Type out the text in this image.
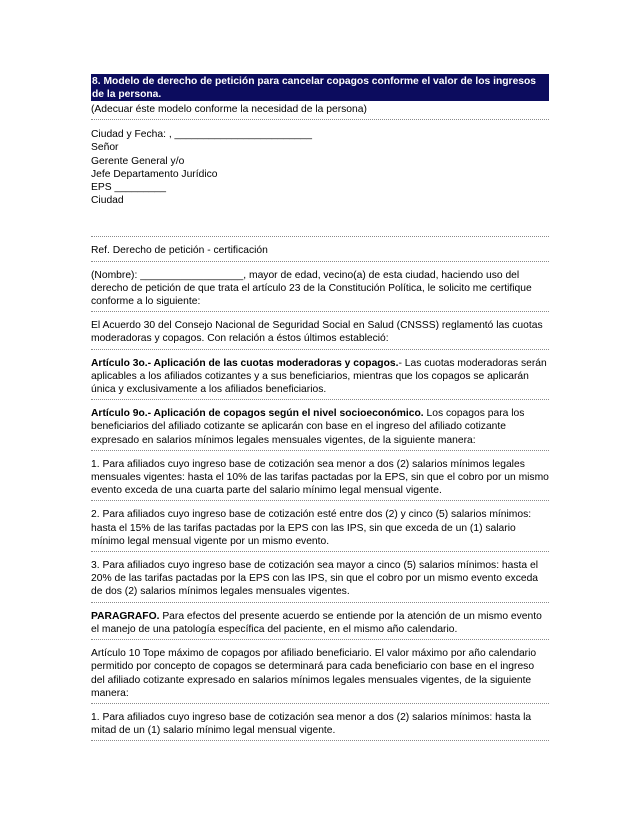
8. Modelo de derecho de petición para cancelar copagos conforme el valor de los ingresos de la persona.
(Adecuar éste modelo conforme la necesidad de la persona)
Ciudad y Fecha: , ________________________
Señor
Gerente General y/o
Jefe Departamento Jurídico
EPS _________
Ciudad
Ref. Derecho de petición - certificación
(Nombre): __________________, mayor de edad, vecino(a) de esta ciudad, haciendo uso del derecho de petición de que trata el artículo 23 de la Constitución Política, le solicito me certifique conforme a lo siguiente:
El Acuerdo 30 del Consejo Nacional de Seguridad Social en Salud (CNSSS) reglamentó las cuotas moderadoras y copagos. Con relación a éstos últimos estableció:
Artículo 3o.- Aplicación de las cuotas moderadoras y copagos.- Las cuotas moderadoras serán aplicables a los afiliados cotizantes y a sus beneficiarios, mientras que los copagos se aplicarán única y exclusivamente a los afiliados beneficiarios.
Artículo 9o.- Aplicación de copagos según el nivel socioeconómico. Los copagos para los beneficiarios del afiliado cotizante se aplicarán con base en el ingreso del afiliado cotizante expresado en salarios mínimos legales mensuales vigentes, de la siguiente manera:
1. Para afiliados cuyo ingreso base de cotización sea menor a dos (2) salarios mínimos legales mensuales vigentes: hasta el 10% de las tarifas pactadas por la EPS, sin que el cobro por un mismo evento exceda de una cuarta parte del salario mínimo legal mensual vigente.
2. Para afiliados cuyo ingreso base de cotización esté entre dos (2) y cinco (5) salarios mínimos: hasta el 15% de las tarifas pactadas por la EPS con las IPS, sin que exceda de un (1) salario mínimo legal mensual vigente por un mismo evento.
3. Para afiliados cuyo ingreso base de cotización sea mayor a cinco (5) salarios mínimos: hasta el 20% de las tarifas pactadas por la EPS con las IPS, sin que el cobro por un mismo evento exceda de dos (2) salarios mínimos legales mensuales vigentes.
PARAGRAFO. Para efectos del presente acuerdo se entiende por la atención de un mismo evento el manejo de una patología específica del paciente, en el mismo año calendario.
Artículo 10 Tope máximo de copagos por afiliado beneficiario. El valor máximo por año calendario permitido por concepto de copagos se determinará para cada beneficiario con base en el ingreso del afiliado cotizante expresado en salarios mínimos legales mensuales vigentes, de la siguiente manera:
1. Para afiliados cuyo ingreso base de cotización sea menor a dos (2) salarios mínimos: hasta la mitad de un (1) salario mínimo legal mensual vigente.
